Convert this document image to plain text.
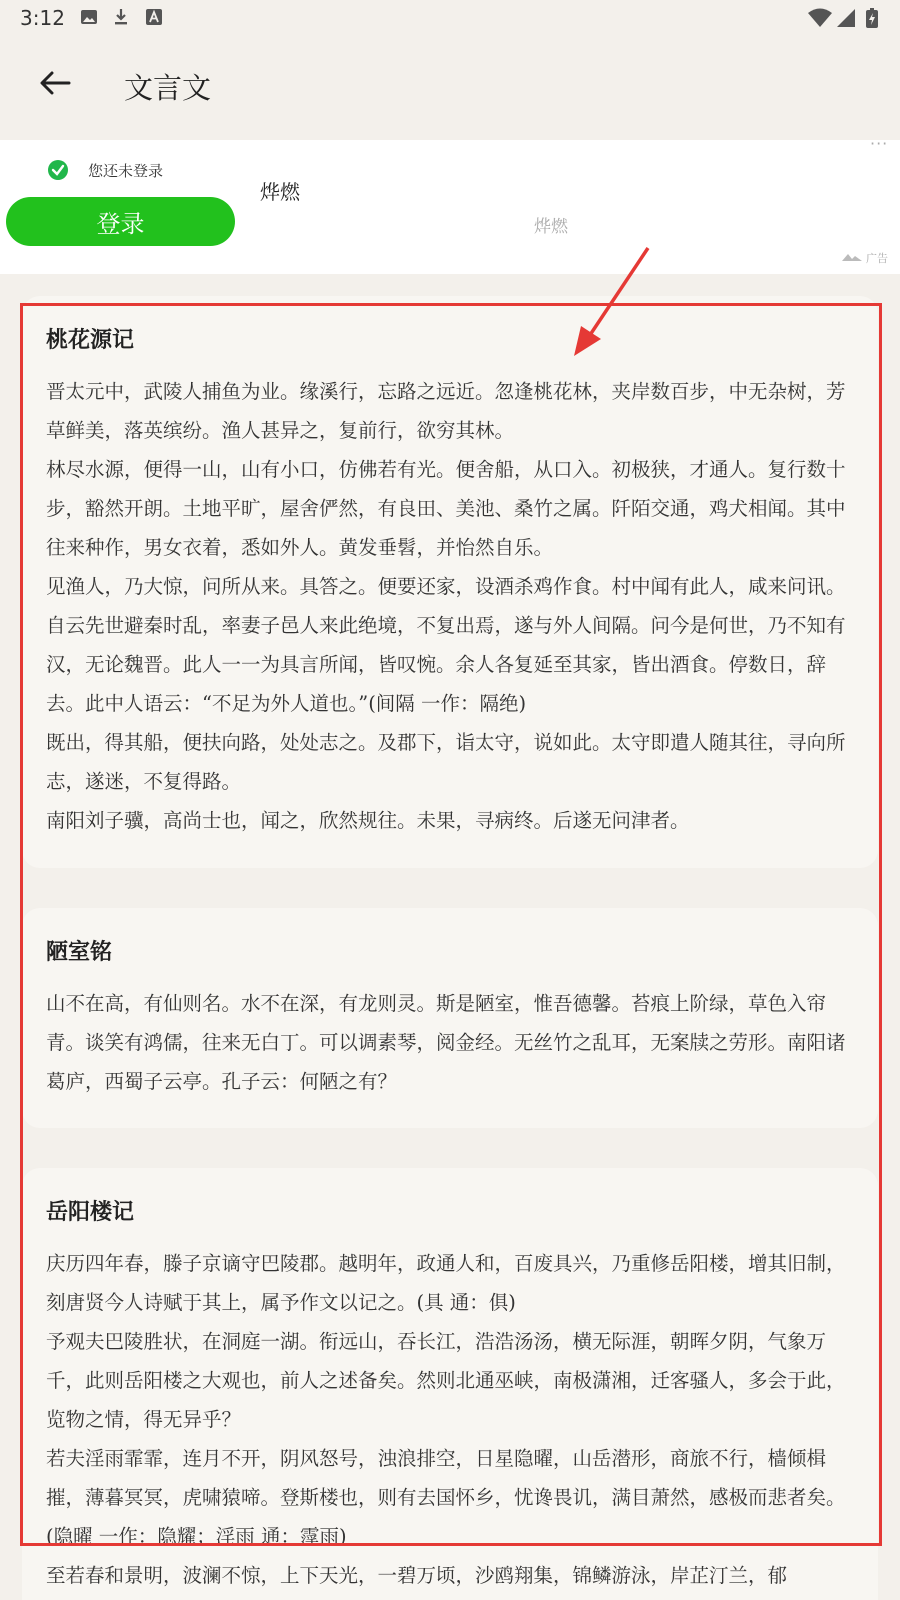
3:12
文言文
您还未登录
登录
烨燃
烨燃
···
广告
桃花源记
晋太元中，武陵人捕鱼为业。缘溪行，忘路之远近。忽逢桃花林，夹岸数百步，中无杂树，芳草鲜美，落英缤纷。渔人甚异之，复前行，欲穷其林。
林尽水源，便得一山，山有小口，仿佛若有光。便舍船，从口入。初极狭，才通人。复行数十步，豁然开朗。土地平旷，屋舍俨然，有良田、美池、桑竹之属。阡陌交通，鸡犬相闻。其中往来种作，男女衣着，悉如外人。黄发垂髫，并怡然自乐。
见渔人，乃大惊，问所从来。具答之。便要还家，设酒杀鸡作食。村中闻有此人，咸来问讯。自云先世避秦时乱，率妻子邑人来此绝境，不复出焉，遂与外人间隔。问今是何世，乃不知有汉，无论魏晋。此人一一为具言所闻，皆叹惋。余人各复延至其家，皆出酒食。停数日，辞去。此中人语云：“不足为外人道也。”(间隔 一作：隔绝)
既出，得其船，便扶向路，处处志之。及郡下，诣太守，说如此。太守即遣人随其往，寻向所志，遂迷，不复得路。
南阳刘子骥，高尚士也，闻之，欣然规往。未果，寻病终。后遂无问津者。
陋室铭
山不在高，有仙则名。水不在深，有龙则灵。斯是陋室，惟吾德馨。苔痕上阶绿，草色入帘青。谈笑有鸿儒，往来无白丁。可以调素琴，阅金经。无丝竹之乱耳，无案牍之劳形。南阳诸葛庐，西蜀子云亭。孔子云：何陋之有？
岳阳楼记
庆历四年春，滕子京谪守巴陵郡。越明年，政通人和，百废具兴，乃重修岳阳楼，增其旧制，刻唐贤今人诗赋于其上，属予作文以记之。(具 通：俱)
予观夫巴陵胜状，在洞庭一湖。衔远山，吞长江，浩浩汤汤，横无际涯，朝晖夕阴，气象万千，此则岳阳楼之大观也，前人之述备矣。然则北通巫峡，南极潇湘，迁客骚人，多会于此，览物之情，得无异乎？
若夫淫雨霏霏，连月不开，阴风怒号，浊浪排空，日星隐曜，山岳潜形，商旅不行，樯倾楫摧，薄暮冥冥，虎啸猿啼。登斯楼也，则有去国怀乡，忧谗畏讥，满目萧然，感极而悲者矣。(隐曜 一作：隐耀；淫雨 通：霪雨)
至若春和景明，波澜不惊，上下天光，一碧万顷，沙鸥翔集，锦鳞游泳，岸芷汀兰，郁
